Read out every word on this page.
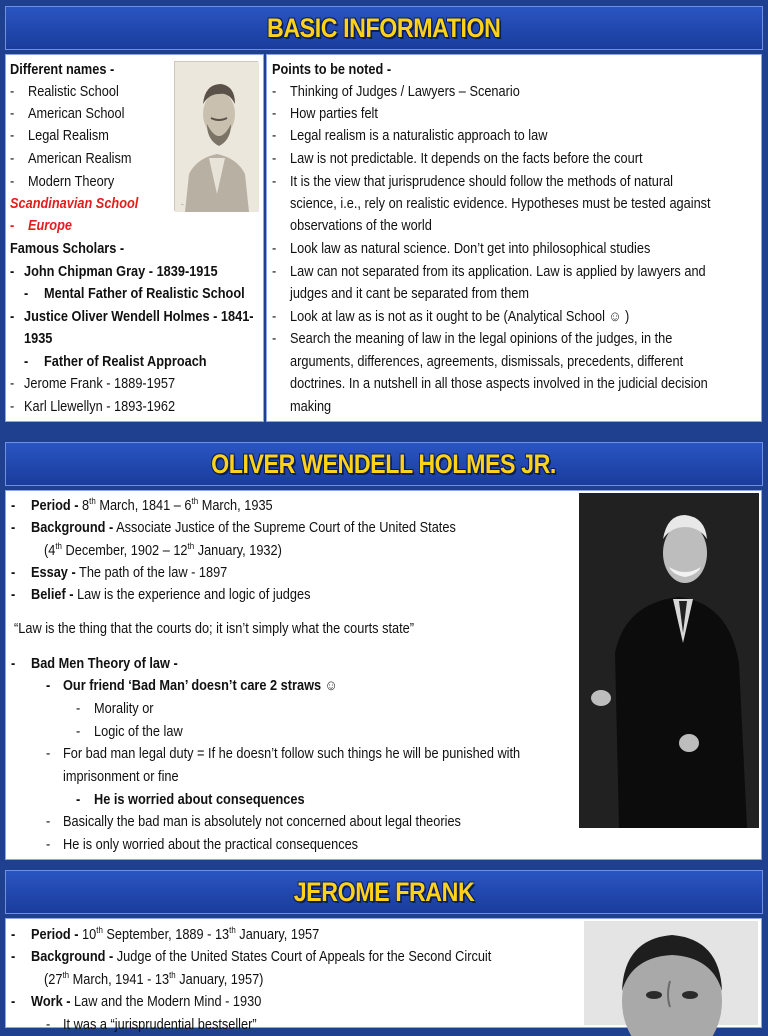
BASIC INFORMATION
Different names -
- Realistic School
- American School
- Legal Realism
- American Realism
- Modern Theory
Scandinavian School
- Europe
Famous Scholars -
- John Chipman Gray - 1839-1915
- Mental Father of Realistic School
- Justice Oliver Wendell Holmes - 1841-
1935
- Father of Realist Approach
- Jerome Frank - 1889-1957
- Karl Llewellyn - 1893-1962
~
Points to be noted -
- Thinking of Judges / Lawyers – Scenario
- How parties felt
- Legal realism is a naturalistic approach to law
- Law is not predictable. It depends on the facts before the court
- It is the view that jurisprudence should follow the methods of natural
science, i.e., rely on realistic evidence. Hypotheses must be tested against
observations of the world
- Look law as natural science. Don’t get into philosophical studies
- Law can not separated from its application. Law is applied by lawyers and
judges and it cant be separated from them
- Look at law as is not as it ought to be (Analytical School ☺ )
- Search the meaning of law in the legal opinions of the judges, in the
arguments, differences, agreements, dismissals, precedents, different
doctrines. In a nutshell in all those aspects involved in the judicial decision
making
OLIVER WENDELL HOLMES JR.
- Period - 8th March, 1841 – 6th March, 1935
- Background - Associate Justice of the Supreme Court of the United States
(4th December, 1902 – 12th January, 1932)
- Essay - The path of the law - 1897
- Belief - Law is the experience and logic of judges
“Law is the thing that the courts do; it isn’t simply what the courts state”
- Bad Men Theory of law -
- Our friend ‘Bad Man’ doesn’t care 2 straws ☺
- Morality or
- Logic of the law
- For bad man legal duty = If he doesn’t follow such things he will be punished with
imprisonment or fine
- He is worried about consequences
- Basically the bad man is absolutely not concerned about legal theories
- He is only worried about the practical consequences
JEROME FRANK
- Period - 10th September, 1889 - 13th January, 1957
- Background - Judge of the United States Court of Appeals for the Second Circuit
(27th March, 1941 - 13th January, 1957)
- Work - Law and the Modern Mind - 1930
- It was a “jurisprudential bestseller”
